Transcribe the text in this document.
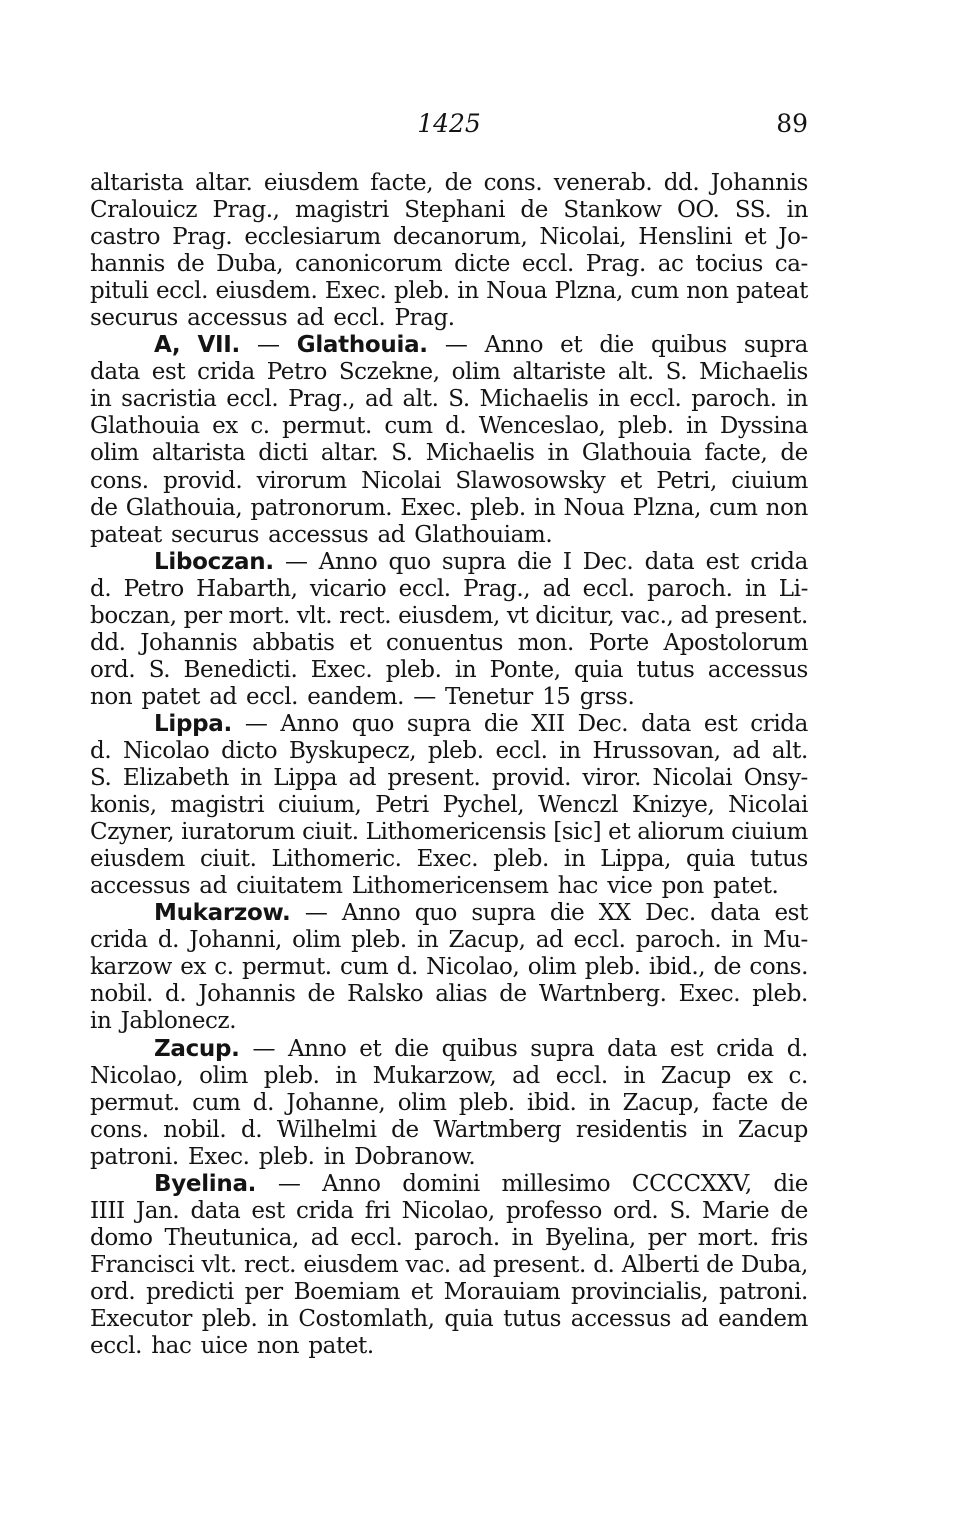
1425	89
altarista altar. eiusdem facte, de cons. venerab. dd. Johannis
Cralouicz Prag., magistri Stephani de Stankow OO. SS. in
castro Prag. ecclesiarum decanorum, Nicolai, Henslini et Jo-
hannis de Duba, canonicorum dicte eccl. Prag. ac tocius ca-
pituli eccl. eiusdem. Exec. pleb. in Noua Plzna, cum non pateat
securus accessus ad eccl. Prag.
A, VII. — Glathouia. — Anno et die quibus supra
data est crida Petro Sczekne, olim altariste alt. S. Michaelis
in sacristia eccl. Prag., ad alt. S. Michaelis in eccl. paroch. in
Glathouia ex c. permut. cum d. Wenceslao, pleb. in Dyssina
olim altarista dicti altar. S. Michaelis in Glathouia facte, de
cons. provid. virorum Nicolai Slawosowsky et Petri, ciuium
de Glathouia, patronorum. Exec. pleb. in Noua Plzna, cum non
pateat securus accessus ad Glathouiam.
Liboczan. — Anno quo supra die I Dec. data est crida
d. Petro Habarth, vicario eccl. Prag., ad eccl. paroch. in Li-
boczan, per mort. vlt. rect. eiusdem, vt dicitur, vac., ad present.
dd. Johannis abbatis et conuentus mon. Porte Apostolorum
ord. S. Benedicti. Exec. pleb. in Ponte, quia tutus accessus
non patet ad eccl. eandem. — Tenetur 15 grss.
Lippa. — Anno quo supra die XII Dec. data est crida
d. Nicolao dicto Byskupecz, pleb. eccl. in Hrussovan, ad alt.
S. Elizabeth in Lippa ad present. provid. viror. Nicolai Onsy-
konis, magistri ciuium, Petri Pychel, Wenczl Knizye, Nicolai
Czyner, iuratorum ciuit. Lithomericensis [sic] et aliorum ciuium
eiusdem ciuit. Lithomeric. Exec. pleb. in Lippa, quia tutus
accessus ad ciuitatem Lithomericensem hac vice pon patet.
Mukarzow. — Anno quo supra die XX Dec. data est
crida d. Johanni, olim pleb. in Zacup, ad eccl. paroch. in Mu-
karzow ex c. permut. cum d. Nicolao, olim pleb. ibid., de cons.
nobil. d. Johannis de Ralsko alias de Wartnberg. Exec. pleb.
in Jablonecz.
Zacup. — Anno et die quibus supra data est crida d.
Nicolao, olim pleb. in Mukarzow, ad eccl. in Zacup ex c.
permut. cum d. Johanne, olim pleb. ibid. in Zacup, facte de
cons. nobil. d. Wilhelmi de Wartmberg residentis in Zacup
patroni. Exec. pleb. in Dobranow.
Byelina. — Anno domini millesimo CCCCXXV, die
IIII Jan. data est crida fri Nicolao, professo ord. S. Marie de
domo Theutunica, ad eccl. paroch. in Byelina, per mort. fris
Francisci vlt. rect. eiusdem vac. ad present. d. Alberti de Duba,
ord. predicti per Boemiam et Morauiam provincialis, patroni.
Executor pleb. in Costomlath, quia tutus accessus ad eandem
eccl. hac uice non patet.
